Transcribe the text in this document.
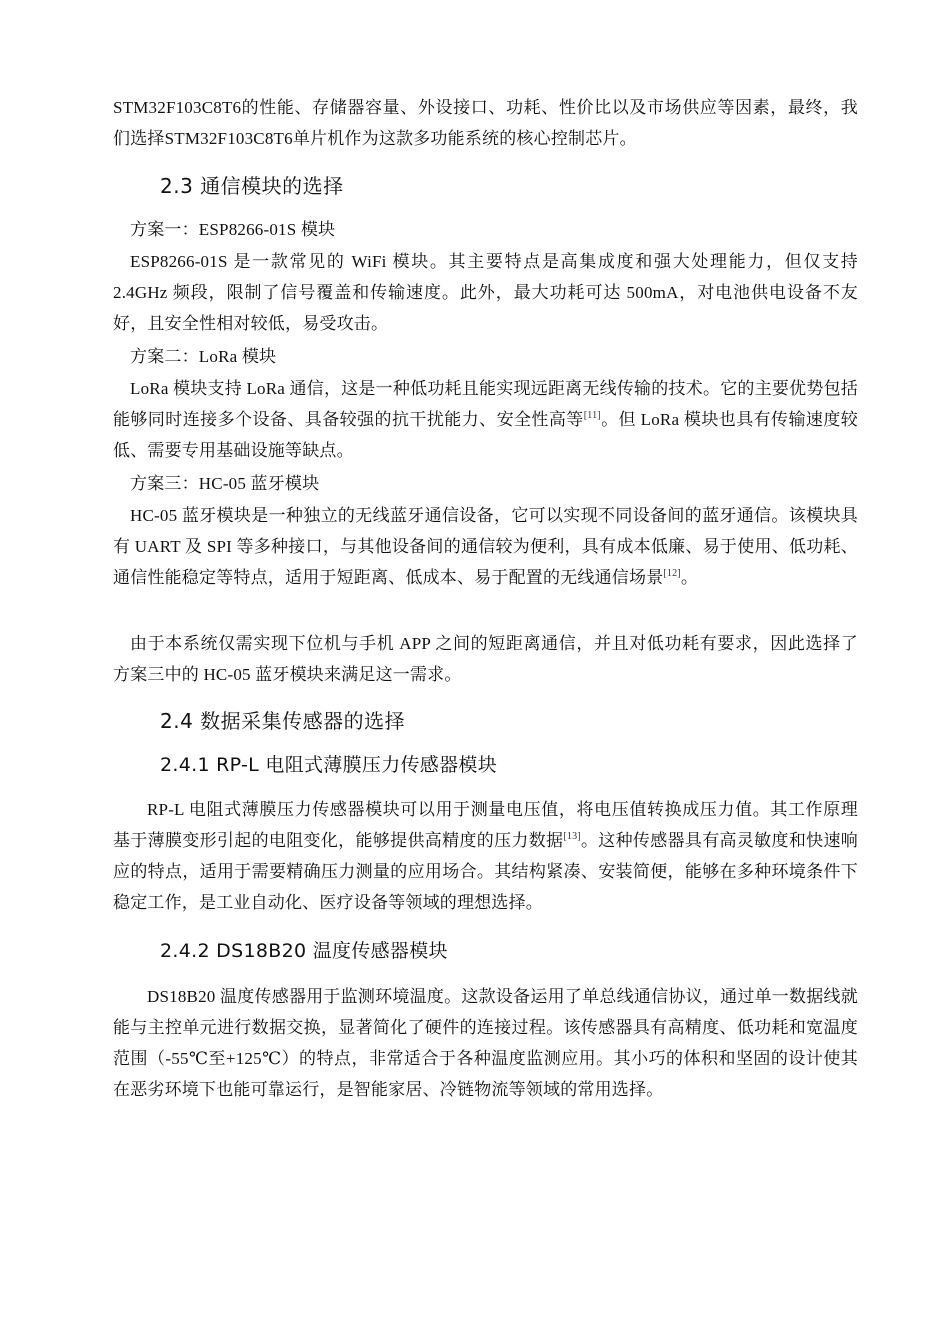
STM32F103C8T6的性能、存储器容量、外设接口、功耗、性价比以及市场供应等因素，最终，我们选择STM32F103C8T6单片机作为这款多功能系统的核心控制芯片。

2.3 通信模块的选择

方案一：ESP8266-01S 模块

ESP8266-01S 是一款常见的 WiFi 模块。其主要特点是高集成度和强大处理能力，但仅支持 2.4GHz 频段，限制了信号覆盖和传输速度。此外，最大功耗可达 500mA，对电池供电设备不友好，且安全性相对较低，易受攻击。

方案二：LoRa 模块

LoRa 模块支持 LoRa 通信，这是一种低功耗且能实现远距离无线传输的技术。它的主要优势包括能够同时连接多个设备、具备较强的抗干扰能力、安全性高等[11]。但 LoRa 模块也具有传输速度较低、需要专用基础设施等缺点。

方案三：HC-05 蓝牙模块

HC-05 蓝牙模块是一种独立的无线蓝牙通信设备，它可以实现不同设备间的蓝牙通信。该模块具有 UART 及 SPI 等多种接口，与其他设备间的通信较为便利，具有成本低廉、易于使用、低功耗、通信性能稳定等特点，适用于短距离、低成本、易于配置的无线通信场景[12]。

由于本系统仅需实现下位机与手机 APP 之间的短距离通信，并且对低功耗有要求，因此选择了方案三中的 HC-05 蓝牙模块来满足这一需求。

2.4 数据采集传感器的选择
2.4.1 RP-L 电阻式薄膜压力传感器模块

RP-L 电阻式薄膜压力传感器模块可以用于测量电压值，将电压值转换成压力值。其工作原理基于薄膜变形引起的电阻变化，能够提供高精度的压力数据[13]。这种传感器具有高灵敏度和快速响应的特点，适用于需要精确压力测量的应用场合。其结构紧凑、安装简便，能够在多种环境条件下稳定工作，是工业自动化、医疗设备等领域的理想选择。

2.4.2 DS18B20 温度传感器模块

DS18B20 温度传感器用于监测环境温度。这款设备运用了单总线通信协议，通过单一数据线就能与主控单元进行数据交换，显著简化了硬件的连接过程。该传感器具有高精度、低功耗和宽温度范围（-55℃至+125℃）的特点，非常适合于各种温度监测应用。其小巧的体积和坚固的设计使其在恶劣环境下也能可靠运行，是智能家居、冷链物流等领域的常用选择。
